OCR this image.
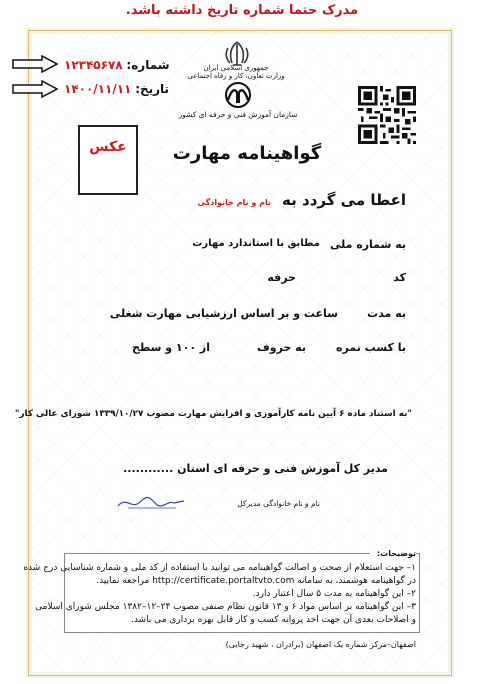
مدرک حتما شماره تاریخ داشته باشد.
شماره: ۱۲۳۴۵۶۷۸
تاریخ: ۱۴۰۰/۱۱/۱۱
جمهوری اسلامی ایران
وزارت تعاون، کار و رفاه اجتماعی
سازمان آموزش فنی و حرفه ای کشور
عکس	گواهینامه مهارت
اعطا می گردد به نام و نام خانوادگی
به شماره ملی
مطابق با استاندارد مهارت
کد
حرفه
به مدت
ساعت و بر اساس ارزشیابی مهارت شغلی
با کسب نمره
به حروف
از ۱۰۰ و سطح
"به استناد ماده ۶ آیین نامه کارآموزی و افزایش مهارت مصوب ۱۳۳۹/۱۰/۲۷ شورای عالی کار"
مدیر کل آموزش فنی و حرفه ای استان ............
نام و نام خانوادگی مدیرکل
توضیحات:
۱– جهت استعلام از صحت و اصالت گواهینامه می توانید با استفاده از کد ملی و شماره شناسایی درج شده
در گواهینامه هوشمند، به سامانه http://certificate.portaltvto.com مراجعه نمایید.
۲– این گواهینامه به مدت ۵ سال اعتبار دارد.
۳– این گواهینامه بر اساس مواد ۶ و ۱۳ قانون نظام صنفی مصوب ۲۴–۱۲–۱۳۸۲ مجلس شورای اسلامی
و اصلاحات بعدی آن جهت اخذ پروانه کسب و کار قابل بهره برداری می باشد.
اصفهان–مرکز شماره یک اصفهان (برادران ، شهید رجایی)
